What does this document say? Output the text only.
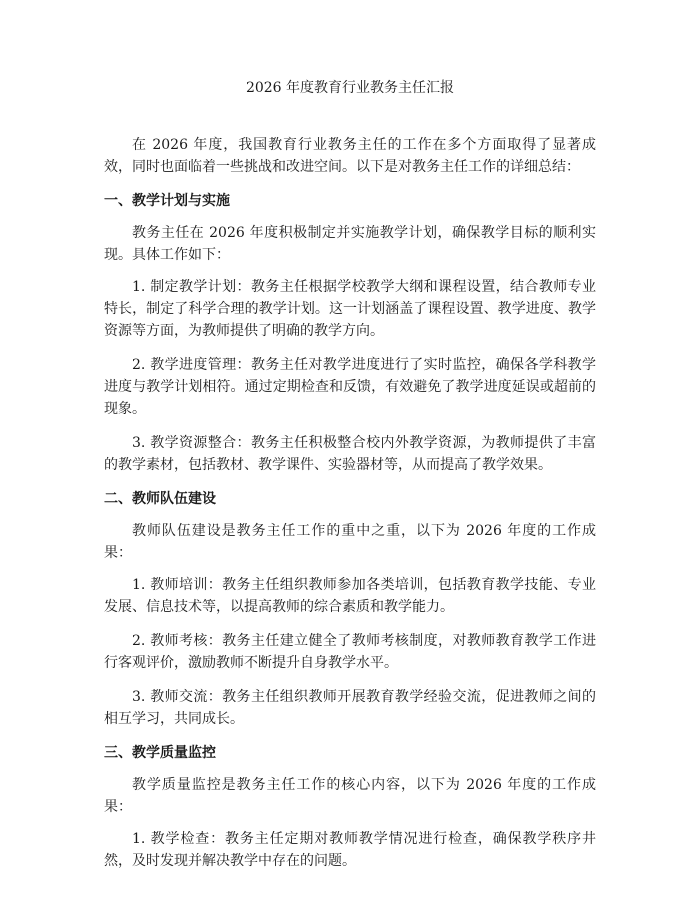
2026 年度教育行业教务主任汇报

在 2026 年度，我国教育行业教务主任的工作在多个方面取得了显著成效，同时也面临着一些挑战和改进空间。以下是对教务主任工作的详细总结：

一、教学计划与实施

教务主任在 2026 年度积极制定并实施教学计划，确保教学目标的顺利实现。具体工作如下：

1. 制定教学计划：教务主任根据学校教学大纲和课程设置，结合教师专业特长，制定了科学合理的教学计划。这一计划涵盖了课程设置、教学进度、教学资源等方面，为教师提供了明确的教学方向。

2. 教学进度管理：教务主任对教学进度进行了实时监控，确保各学科教学进度与教学计划相符。通过定期检查和反馈，有效避免了教学进度延误或超前的现象。

3. 教学资源整合：教务主任积极整合校内外教学资源，为教师提供了丰富的教学素材，包括教材、教学课件、实验器材等，从而提高了教学效果。

二、教师队伍建设

教师队伍建设是教务主任工作的重中之重，以下为 2026 年度的工作成果：

1. 教师培训：教务主任组织教师参加各类培训，包括教育教学技能、专业发展、信息技术等，以提高教师的综合素质和教学能力。

2. 教师考核：教务主任建立健全了教师考核制度，对教师教育教学工作进行客观评价，激励教师不断提升自身教学水平。

3. 教师交流：教务主任组织教师开展教育教学经验交流，促进教师之间的相互学习，共同成长。

三、教学质量监控

教学质量监控是教务主任工作的核心内容，以下为 2026 年度的工作成果：

1. 教学检查：教务主任定期对教师教学情况进行检查，确保教学秩序井然，及时发现并解决教学中存在的问题。
